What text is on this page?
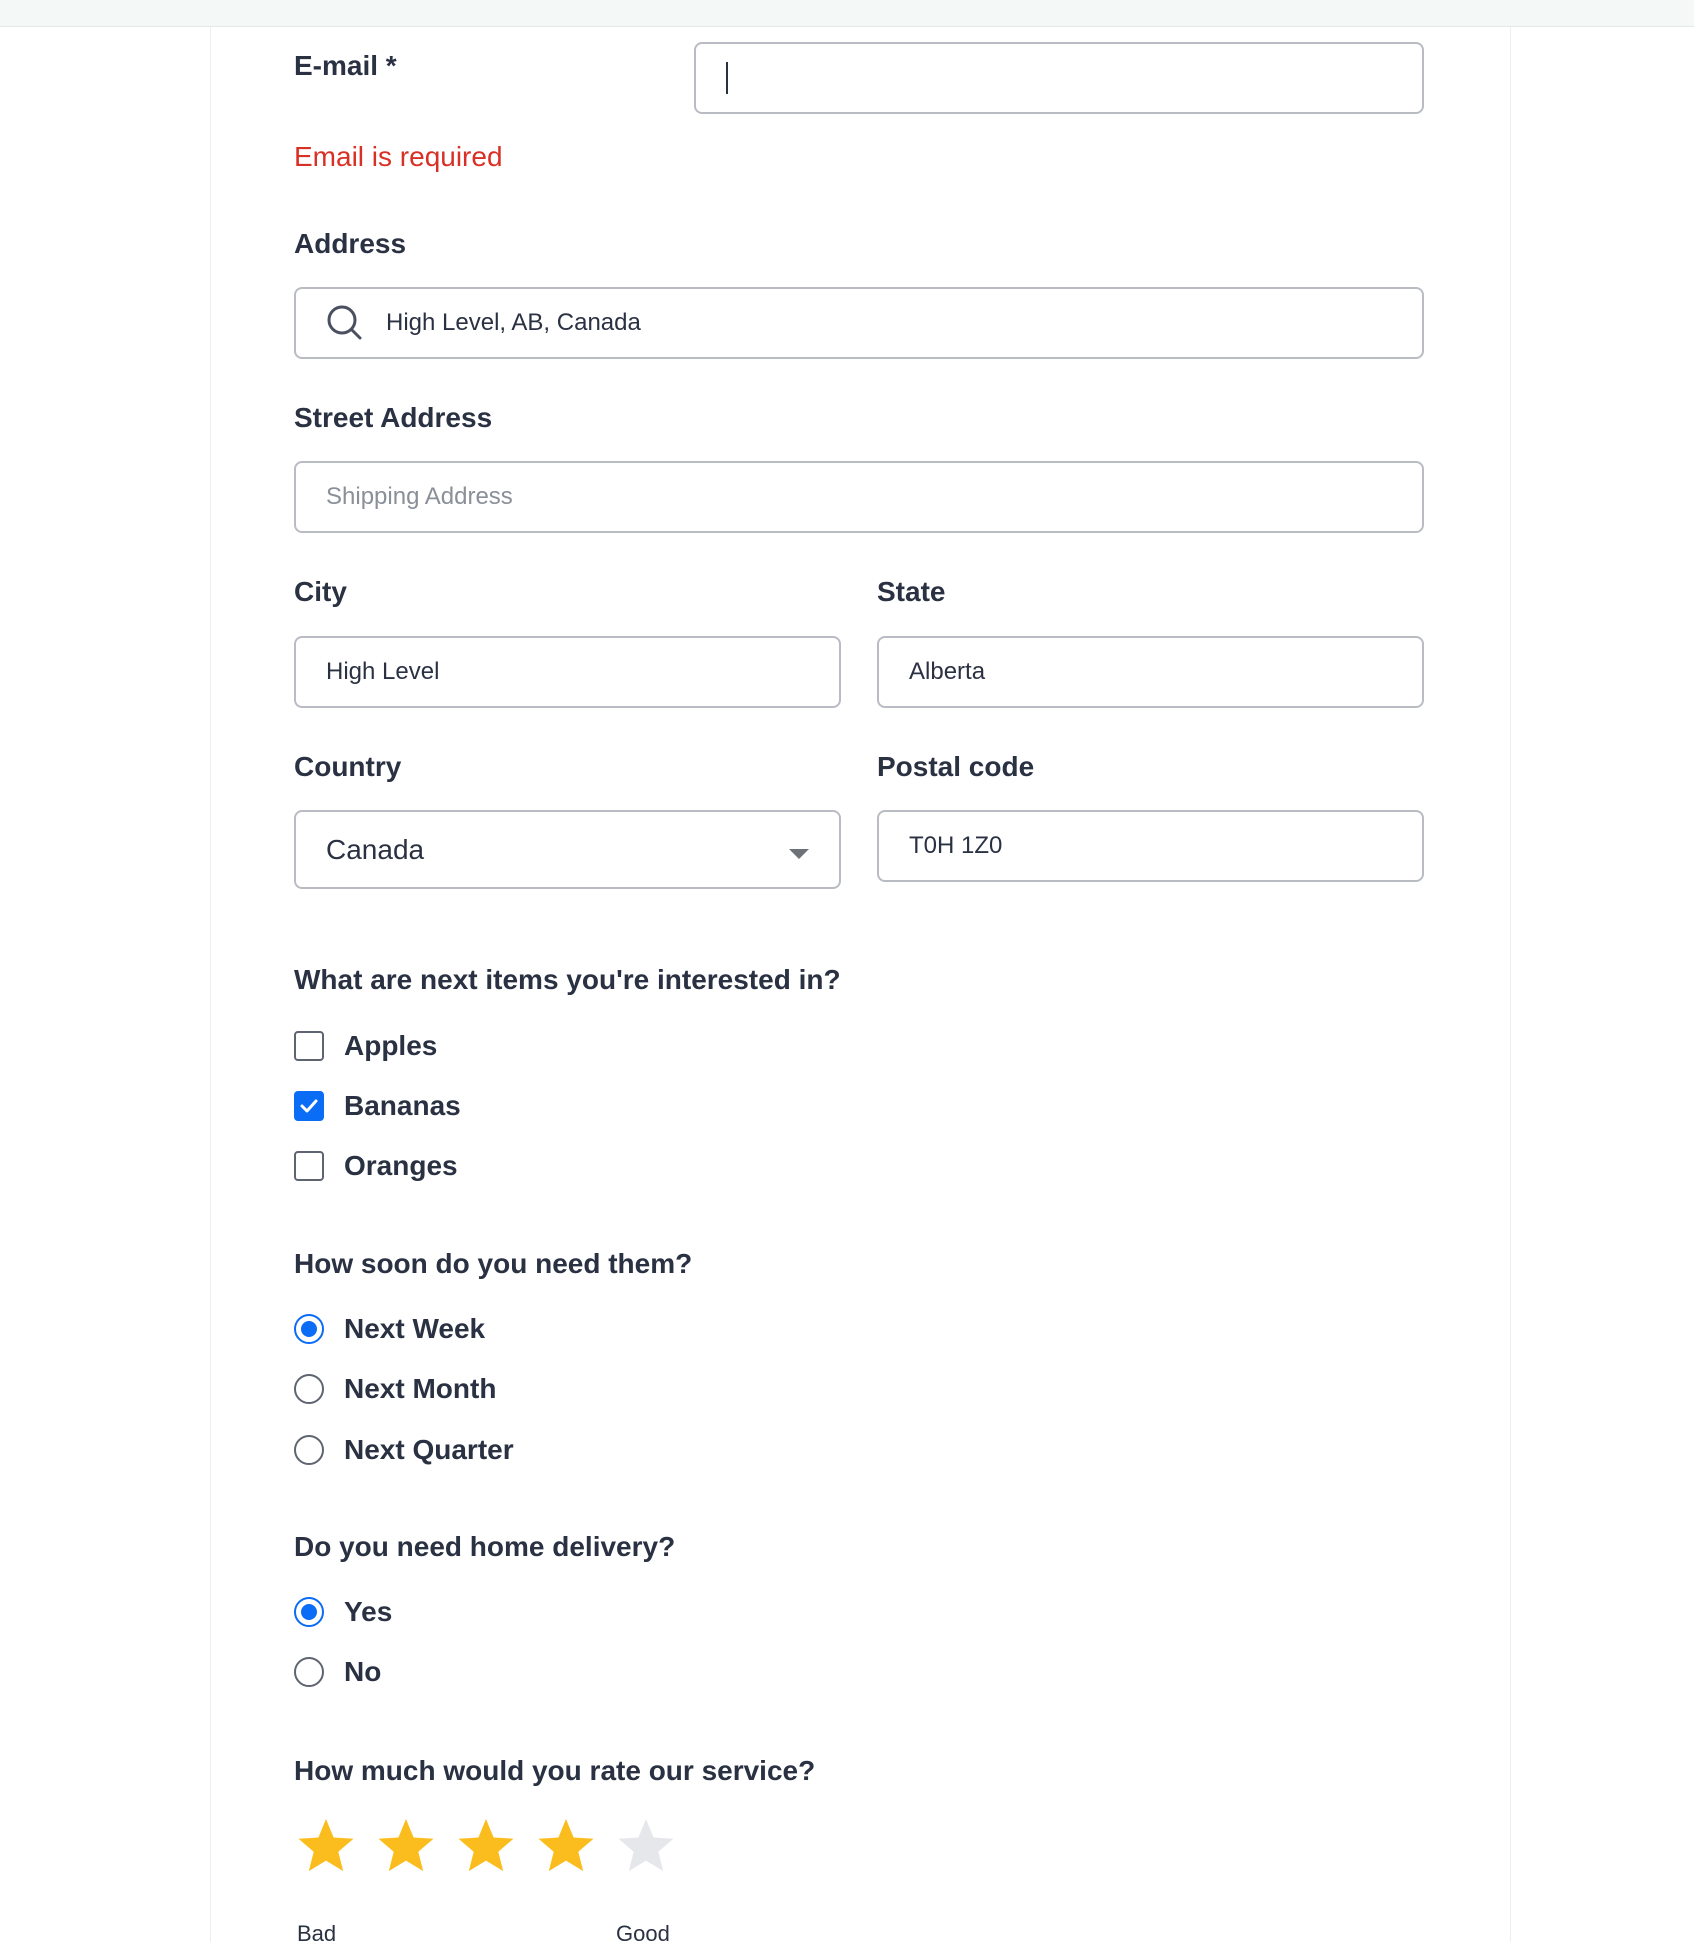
E-mail *
Email is required
Address
High Level, AB, Canada
Street Address
Shipping Address
City
High Level
State
Alberta
Country
Canada
Postal code
T0H 1Z0
What are next items you're interested in?
Apples
Bananas
Oranges
How soon do you need them?
Next Week
Next Month
Next Quarter
Do you need home delivery?
Yes
No
How much would you rate our service?
Bad	Good
